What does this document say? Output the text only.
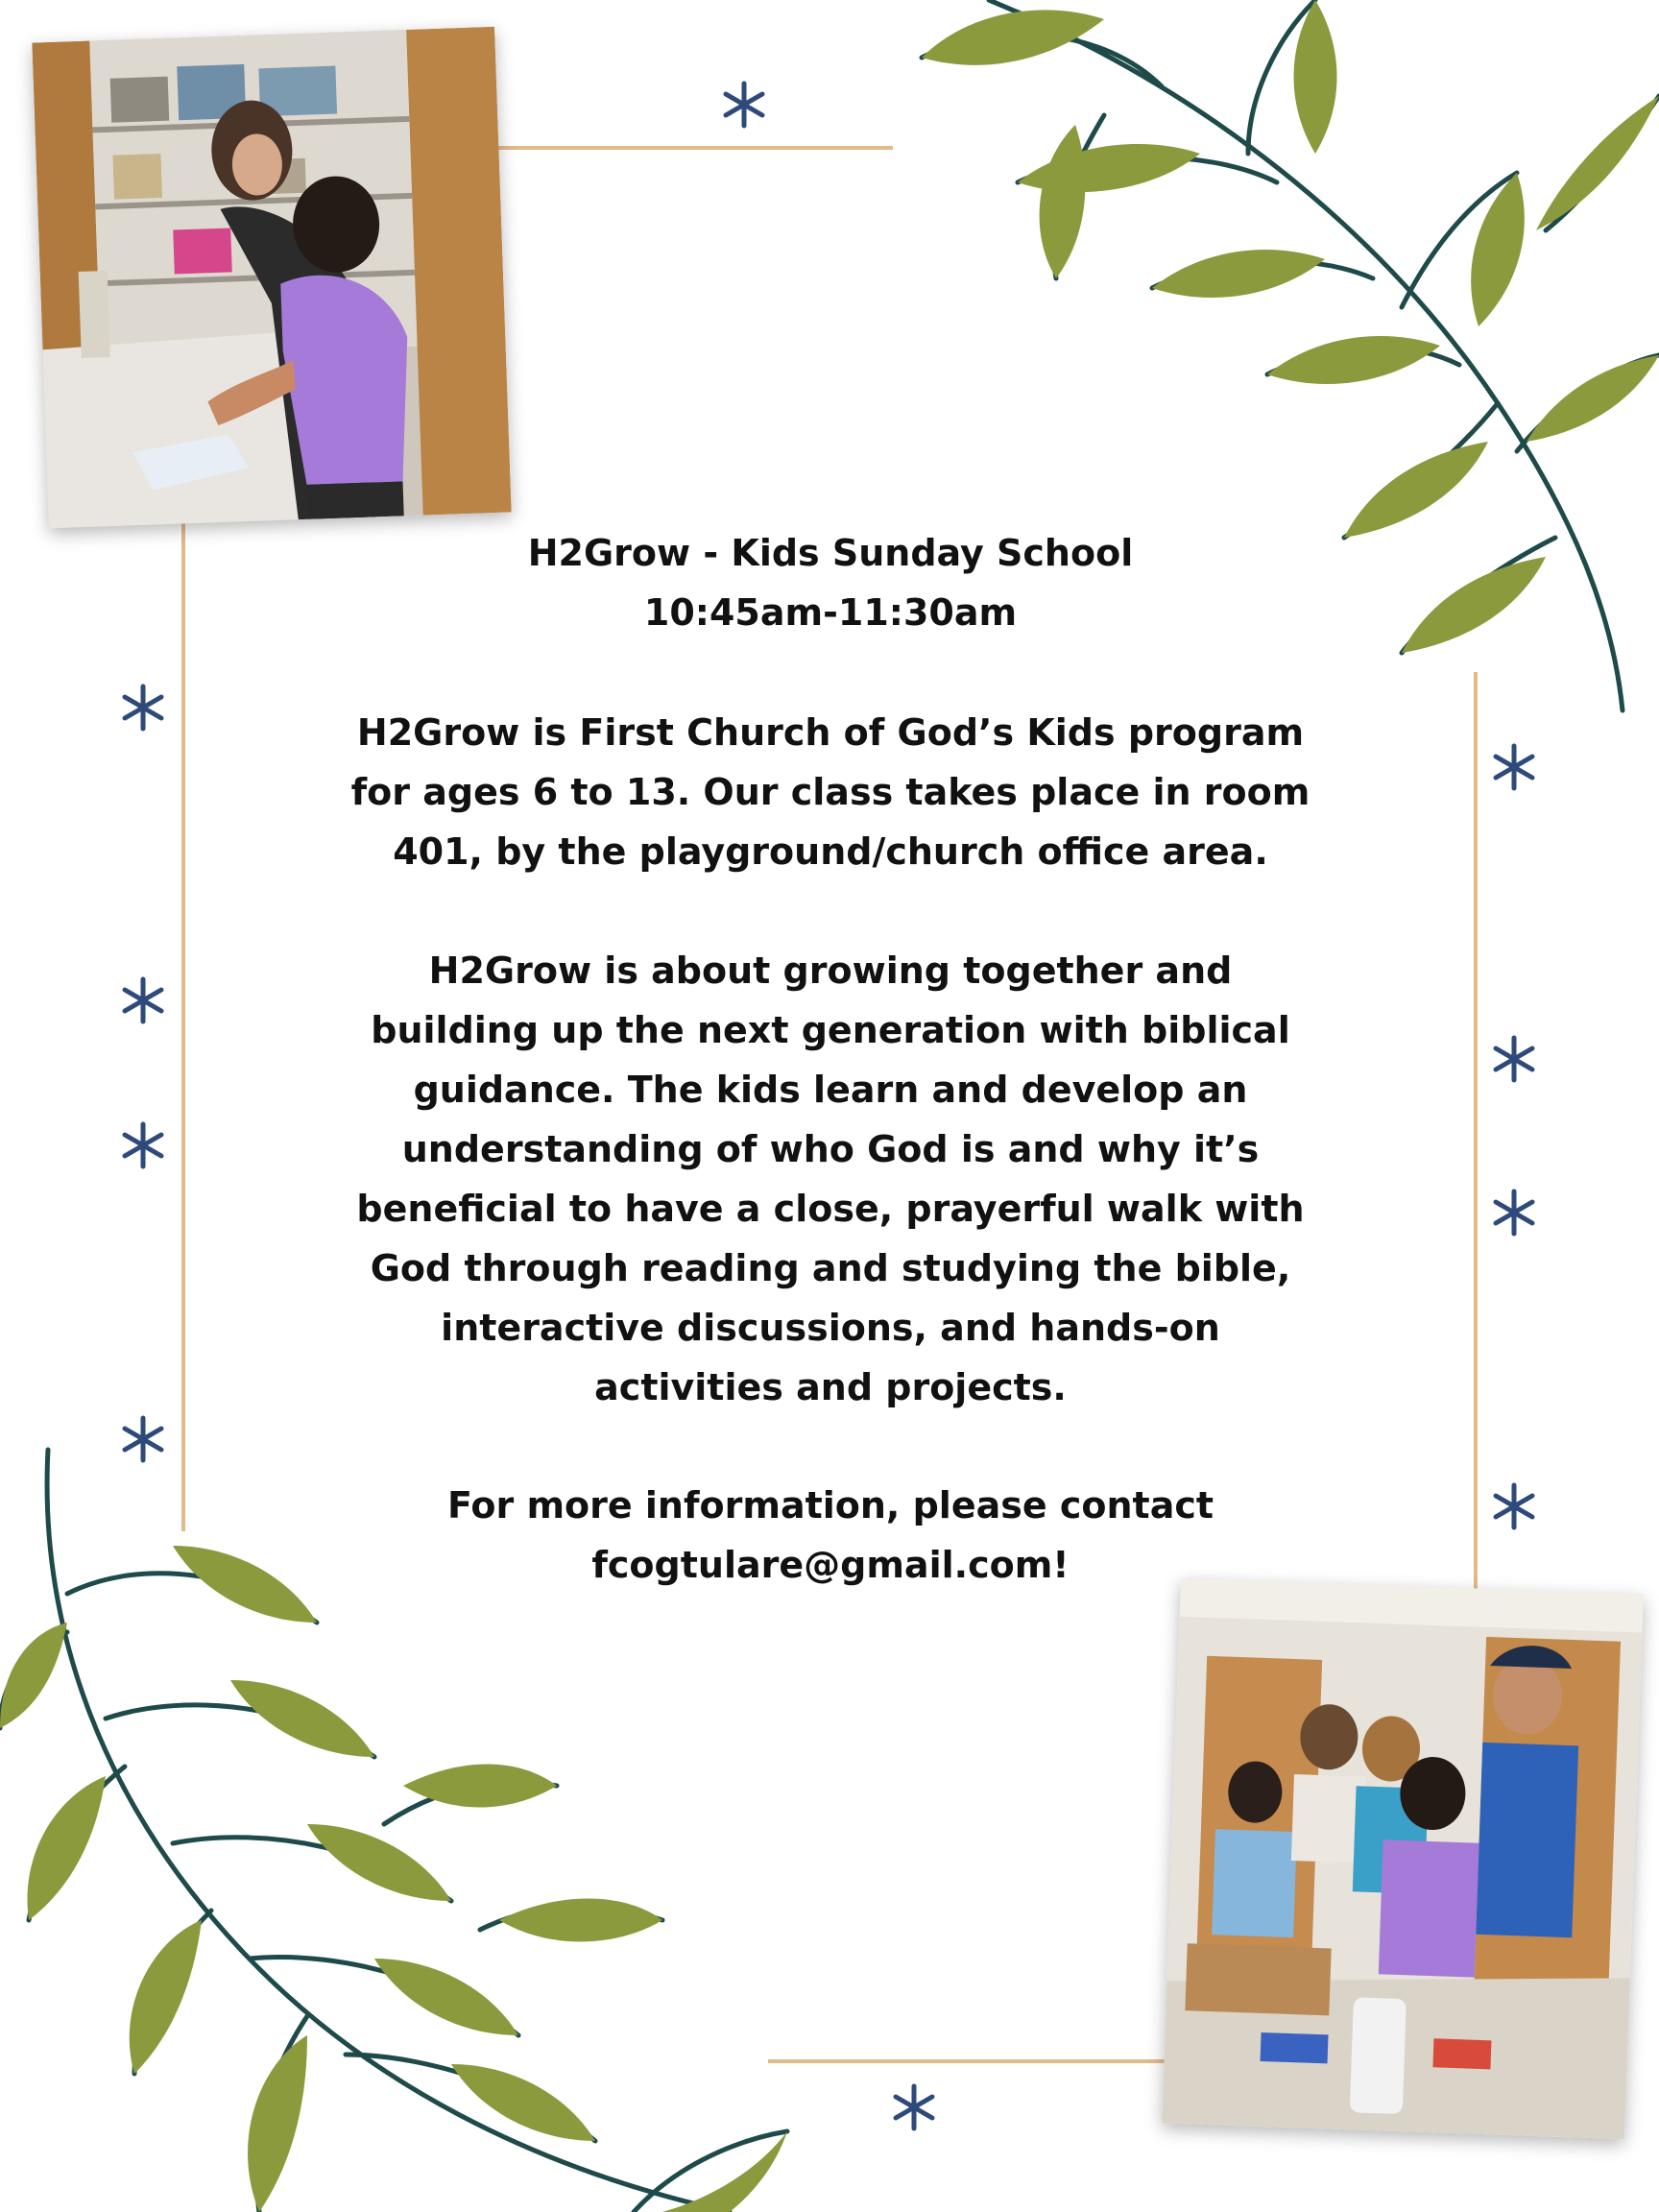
H2Grow - Kids Sunday School

10:45am-11:30am

H2Grow is First Church of God’s Kids program

for ages 6 to 13. Our class takes place in room

401, by the playground/church office area.

H2Grow is about growing together and

building up the next generation with biblical

guidance. The kids learn and develop an

understanding of who God is and why it’s

beneficial to have a close, prayerful walk with

God through reading and studying the bible,

interactive discussions, and hands-on

activities and projects.

For more information, please contact

fcogtulare@gmail.com!
